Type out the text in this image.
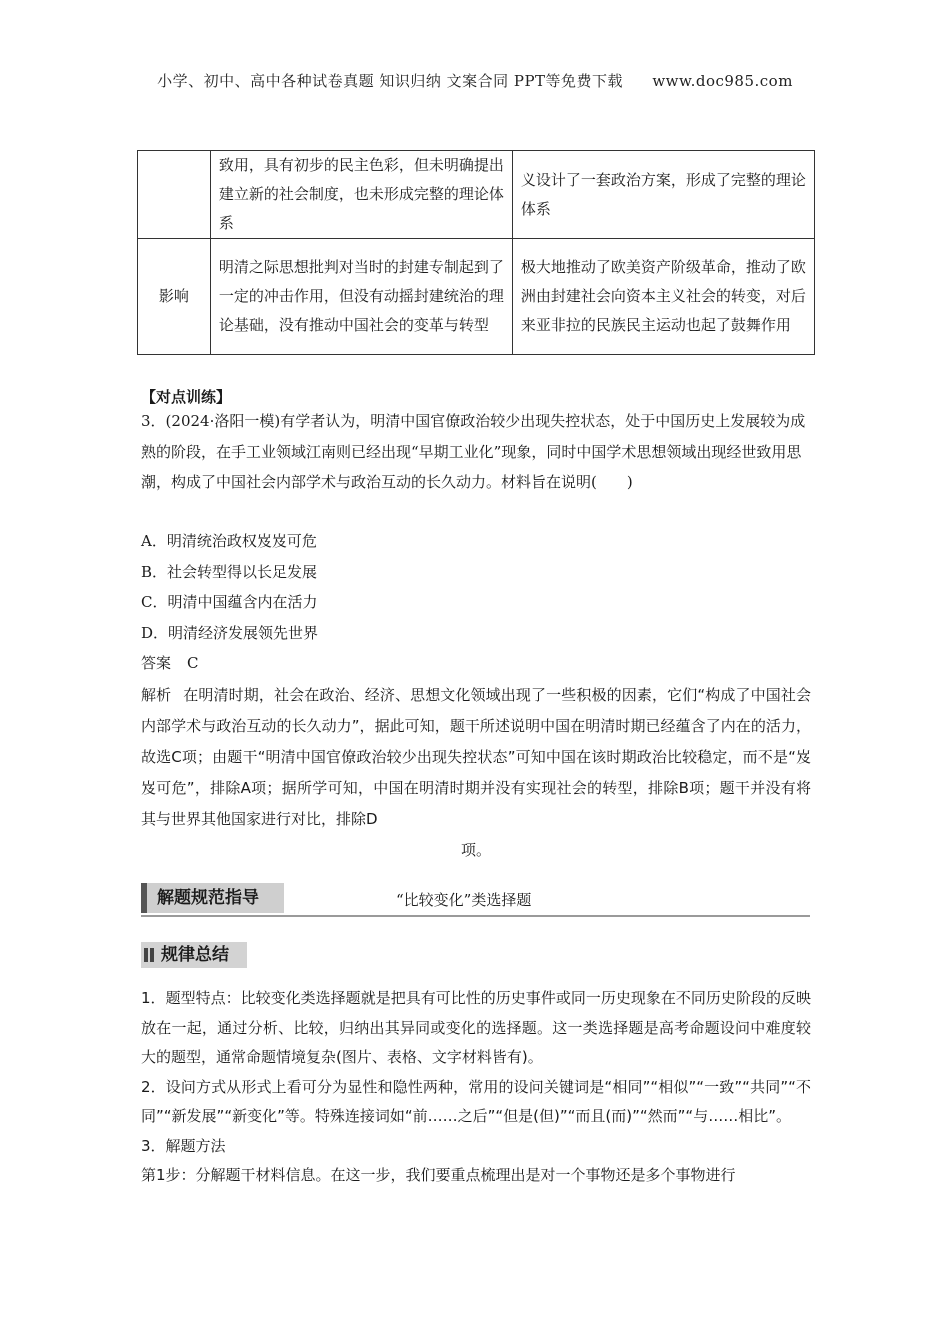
小学、初中、高中各种试卷真题 知识归纳 文案合同 PPT等免费下载 www.doc985.com
	致用，具有初步的民主色彩，但未明确提出建立新的社会制度，也未形成完整的理论体系	义设计了一套政治方案，形成了完整的理论体系
影响	明清之际思想批判对当时的封建专制起到了一定的冲击作用，但没有动摇封建统治的理论基础，没有推动中国社会的变革与转型	极大地推动了欧美资产阶级革命，推动了欧洲由封建社会向资本主义社会的转变，对后来亚非拉的民族民主运动也起了鼓舞作用
【对点训练】
3．(2024·洛阳一模)有学者认为，明清中国官僚政治较少出现失控状态，处于中国历史上发展较为成熟的阶段，在手工业领域江南则已经出现“早期工业化”现象，同时中国学术思想领域出现经世致用思潮，构成了中国社会内部学术与政治互动的长久动力。材料旨在说明(　　)
A．明清统治政权岌岌可危
B．社会转型得以长足发展
C．明清中国蕴含内在活力
D．明清经济发展领先世界
答案 C
解析 在明清时期，社会在政治、经济、思想文化领域出现了一些积极的因素，它们“构成了中国社会内部学术与政治互动的长久动力”，据此可知，题干所述说明中国在明清时期已经蕴含了内在的活力，故选C项；由题干“明清中国官僚政治较少出现失控状态”可知中国在该时期政治比较稳定，而不是“岌岌可危”，排除A项；据所学可知，中国在明清时期并没有实现社会的转型，排除B项；题干并没有将其与世界其他国家进行对比，排除D
项。
解题规范指导	“比较变化”类选择题
规律总结

1．题型特点：比较变化类选择题就是把具有可比性的历史事件或同一历史现象在不同历史阶段的反映放在一起，通过分析、比较，归纳出其异同或变化的选择题。这一类选择题是高考命题设问中难度较大的题型，通常命题情境复杂(图片、表格、文字材料皆有)。

2．设问方式从形式上看可分为显性和隐性两种，常用的设问关键词是“相同”“相似”“一致”“共同”“不同”“新发展”“新变化”等。特殊连接词如“前……之后”“但是(但)”“而且(而)”“然而”“与……相比”。

3．解题方法

第1步：分解题干材料信息。在这一步，我们要重点梳理出是对一个事物还是多个事物进行
